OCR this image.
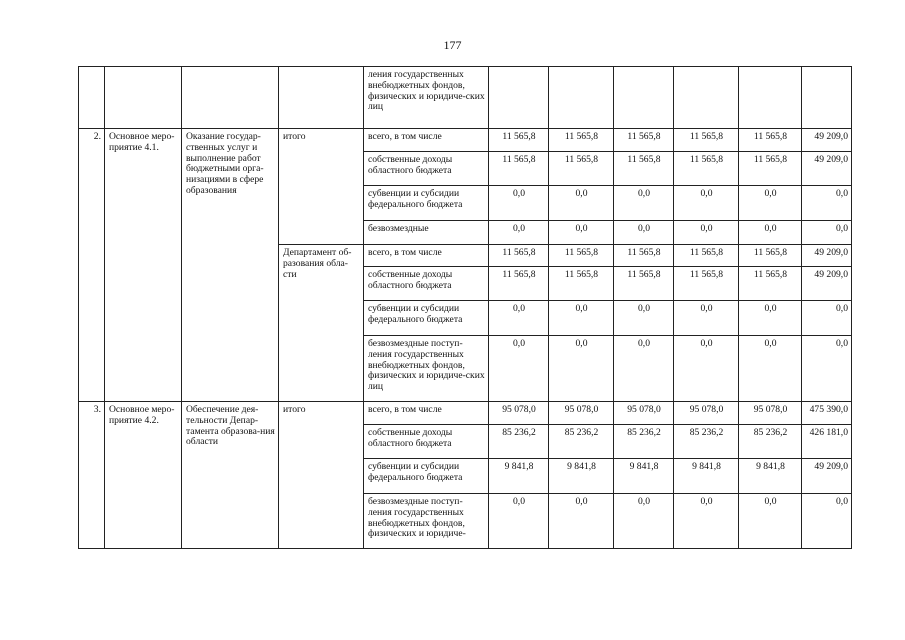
177
				ления государственных внебюджетных фондов, физических и юридиче-ских лиц						
2.	Основное меро-приятие 4.1.	Оказание государ-ственных услуг и выполнение работ бюджетными орга-низациями в сфере образования	итого	всего, в том числе	11 565,8	11 565,8	11 565,8	11 565,8	11 565,8	49 209,0
				собственные доходы областного бюджета	11 565,8	11 565,8	11 565,8	11 565,8	11 565,8	49 209,0
				субвенции и субсидии федерального бюджета	0,0	0,0	0,0	0,0	0,0	0,0
				безвозмездные	0,0	0,0	0,0	0,0	0,0	0,0
			Департамент об-разования обла-сти	всего, в том числе	11 565,8	11 565,8	11 565,8	11 565,8	11 565,8	49 209,0
				собственные доходы областного бюджета	11 565,8	11 565,8	11 565,8	11 565,8	11 565,8	49 209,0
				субвенции и субсидии федерального бюджета	0,0	0,0	0,0	0,0	0,0	0,0
				безвозмездные поступ-ления государственных внебюджетных фондов, физических и юридиче-ских лиц	0,0	0,0	0,0	0,0	0,0	0,0
3.	Основное меро-приятие 4.2.	Обеспечение дея-тельности Депар-тамента образова-ния области	итого	всего, в том числе	95 078,0	95 078,0	95 078,0	95 078,0	95 078,0	475 390,0
				собственные доходы областного бюджета	85 236,2	85 236,2	85 236,2	85 236,2	85 236,2	426 181,0
				субвенции и субсидии федерального бюджета	9 841,8	9 841,8	9 841,8	9 841,8	9 841,8	49 209,0
				безвозмездные поступ-ления государственных внебюджетных фондов, физических и юридиче-	0,0	0,0	0,0	0,0	0,0	0,0
